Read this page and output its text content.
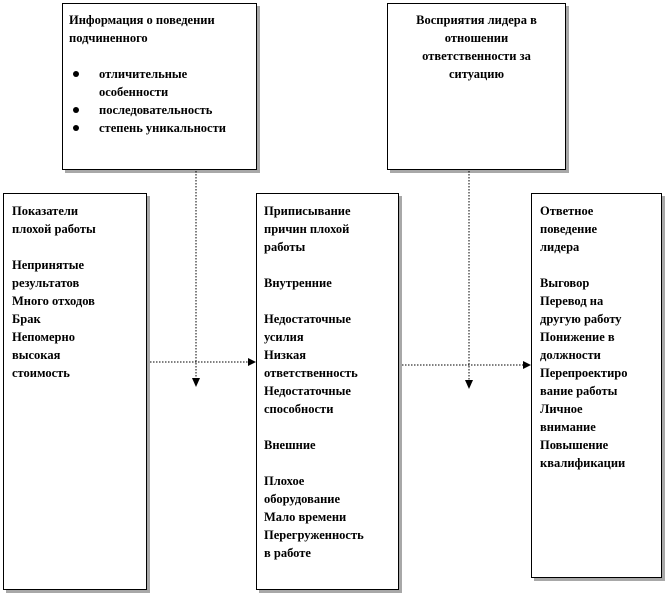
Информация о поведении
подчиненного
отличительные
особенности
последовательность
степень уникальности
Восприятия лидера в
отношении
ответственности за
ситуацию
Показатели
плохой работы
Непринятые
результатов
Много отходов
Брак
Непомерно
высокая
стоимость
Приписывание
причин плохой
работы
Внутренние
Недостаточные
усилия
Низкая
ответственность
Недостаточные
способности
Внешние
Плохое
оборудование
Мало времени
Перегруженность
в работе
Ответное
поведение
лидера
Выговор
Перевод на
другую работу
Понижение в
должности
Перепроектиро
вание работы
Личное
внимание
Повышение
квалификации
